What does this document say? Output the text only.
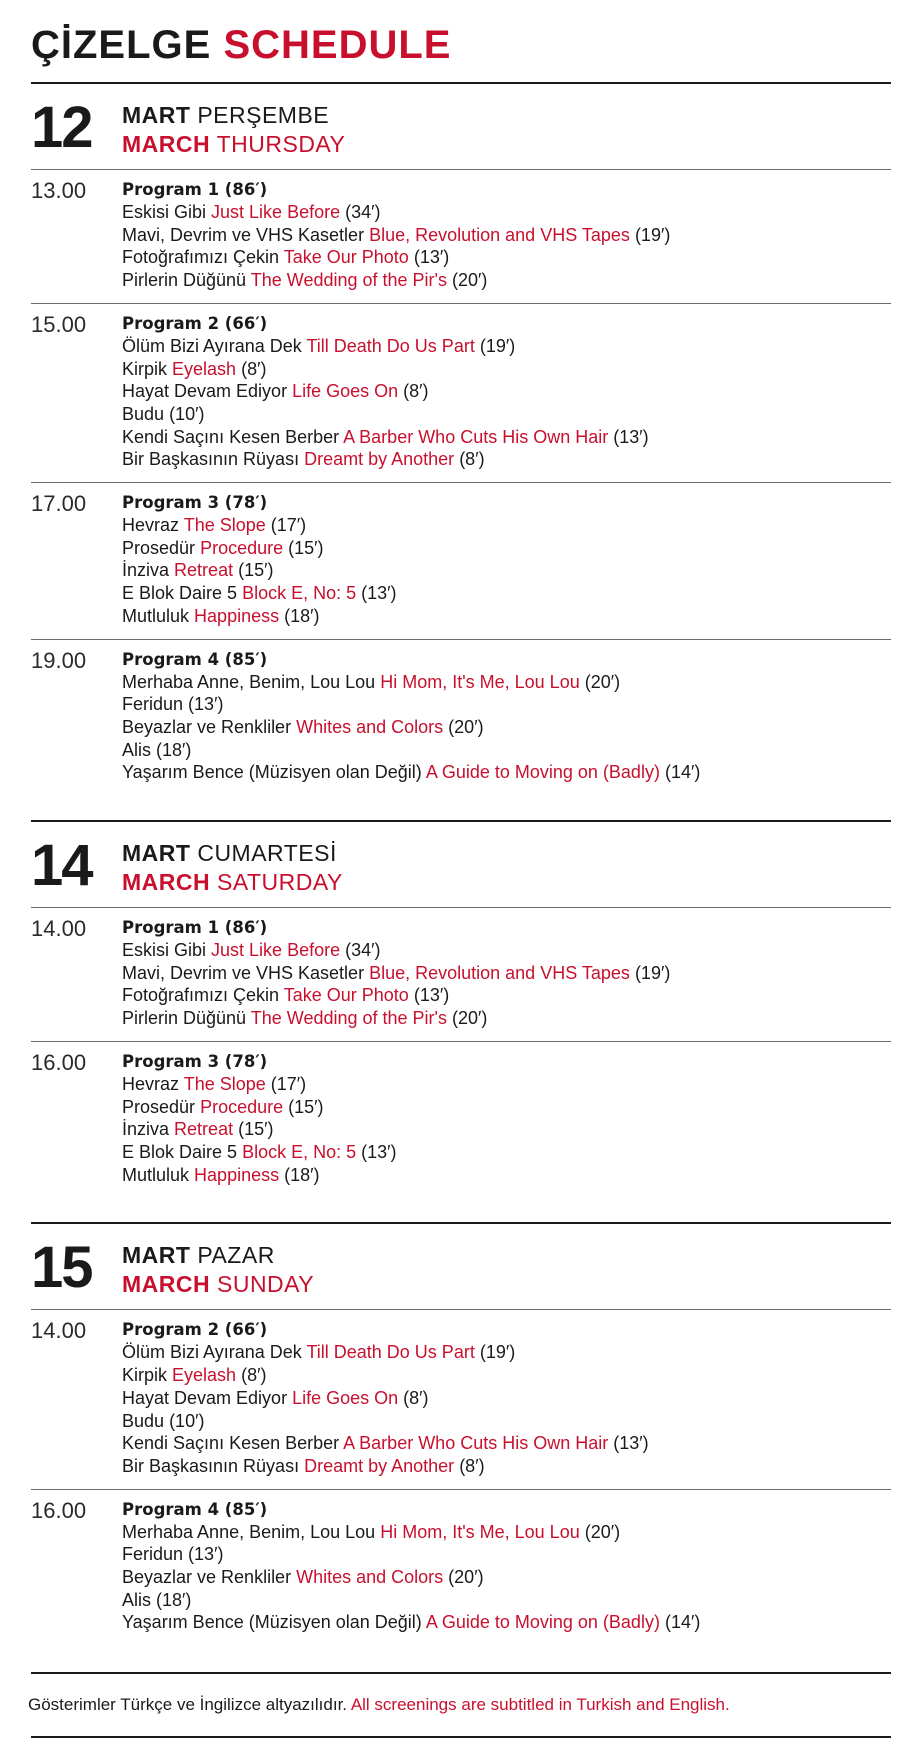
ÇİZELGE SCHEDULE
12	MART PERŞEMBE
MARCH THURSDAY
13.00	Program 1 (86′)
Eskisi Gibi Just Like Before (34′)
Mavi, Devrim ve VHS Kasetler Blue, Revolution and VHS Tapes (19′)
Fotoğrafımızı Çekin Take Our Photo (13′)
Pirlerin Düğünü The Wedding of the Pir's (20′)
15.00	Program 2 (66′)
Ölüm Bizi Ayırana Dek Till Death Do Us Part (19′)
Kirpik Eyelash (8′)
Hayat Devam Ediyor Life Goes On (8′)
Budu (10′)
Kendi Saçını Kesen Berber A Barber Who Cuts His Own Hair (13′)
Bir Başkasının Rüyası Dreamt by Another (8′)
17.00	Program 3 (78′)
Hevraz The Slope (17′)
Prosedür Procedure (15′)
İnziva Retreat (15′)
E Blok Daire 5 Block E, No: 5 (13′)
Mutluluk Happiness (18′)
19.00	Program 4 (85′)
Merhaba Anne, Benim, Lou Lou Hi Mom, It's Me, Lou Lou (20′)
Feridun (13′)
Beyazlar ve Renkliler Whites and Colors (20′)
Alis (18′)
Yaşarım Bence (Müzisyen olan Değil) A Guide to Moving on (Badly) (14′)
14	MART CUMARTESİ
MARCH SATURDAY
14.00	Program 1 (86′)
Eskisi Gibi Just Like Before (34′)
Mavi, Devrim ve VHS Kasetler Blue, Revolution and VHS Tapes (19′)
Fotoğrafımızı Çekin Take Our Photo (13′)
Pirlerin Düğünü The Wedding of the Pir's (20′)
16.00	Program 3 (78′)
Hevraz The Slope (17′)
Prosedür Procedure (15′)
İnziva Retreat (15′)
E Blok Daire 5 Block E, No: 5 (13′)
Mutluluk Happiness (18′)
15	MART PAZAR
MARCH SUNDAY
14.00	Program 2 (66′)
Ölüm Bizi Ayırana Dek Till Death Do Us Part (19′)
Kirpik Eyelash (8′)
Hayat Devam Ediyor Life Goes On (8′)
Budu (10′)
Kendi Saçını Kesen Berber A Barber Who Cuts His Own Hair (13′)
Bir Başkasının Rüyası Dreamt by Another (8′)
16.00	Program 4 (85′)
Merhaba Anne, Benim, Lou Lou Hi Mom, It's Me, Lou Lou (20′)
Feridun (13′)
Beyazlar ve Renkliler Whites and Colors (20′)
Alis (18′)
Yaşarım Bence (Müzisyen olan Değil) A Guide to Moving on (Badly) (14′)
Gösterimler Türkçe ve İngilizce altyazılıdır. All screenings are subtitled in Turkish and English.
